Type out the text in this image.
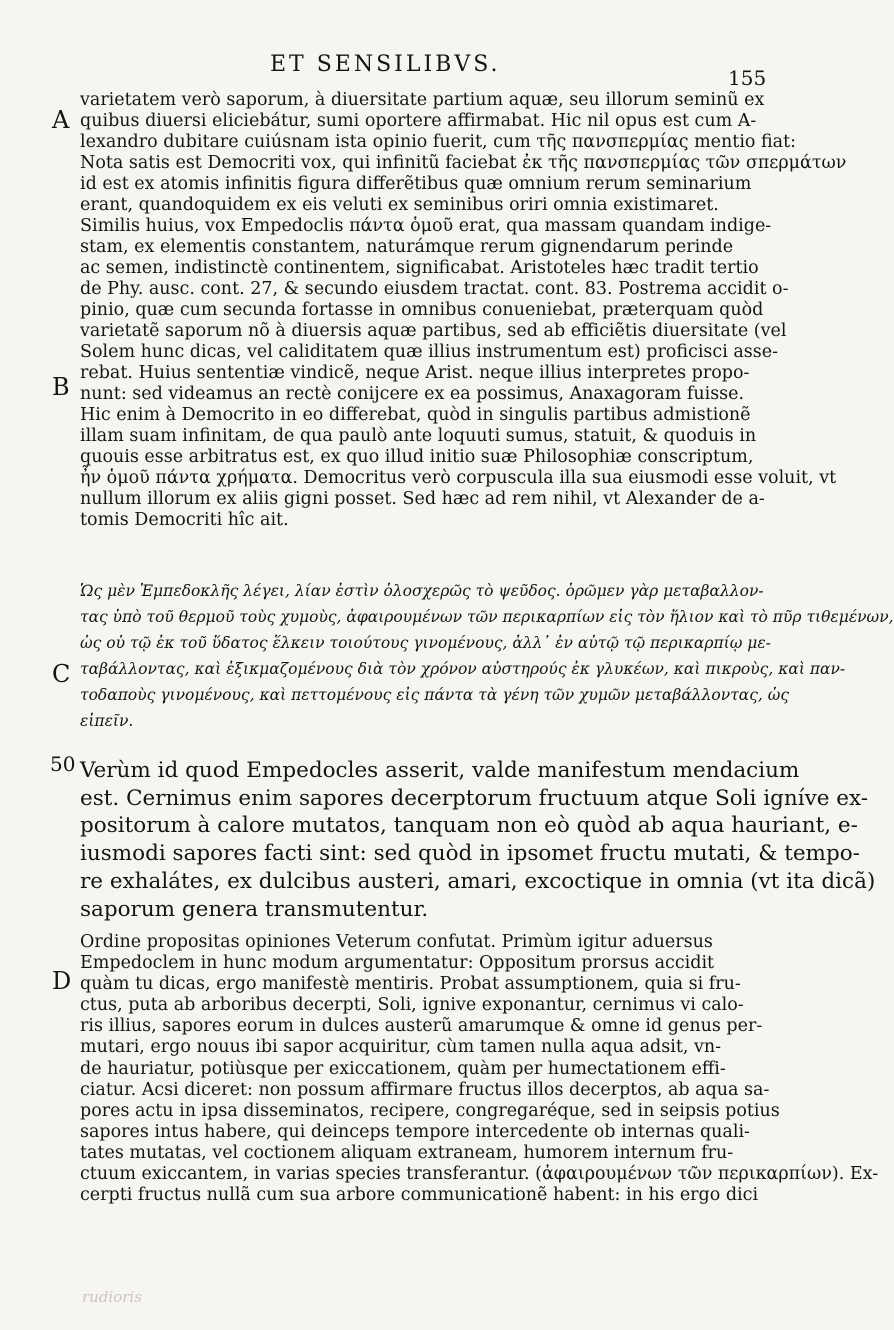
ET SENSILIBVS.
155
A
B
C
D
50
varietatem verò saporum, à diuersitate partium aquæ, seu illorum seminũ ex
quibus diuersi eliciebátur, sumi oportere affirmabat. Hic nil opus est cum A-
lexandro dubitare cuiúsnam ista opinio fuerit, cum τῆς πανσπερμίας mentio fiat:
Nota satis est Democriti vox, qui infinitũ faciebat ἐκ τῆς πανσπερμίας τῶν σπερμάτων
id est ex atomis infinitis figura differẽtibus quæ omnium rerum seminarium
erant, quandoquidem ex eis veluti ex seminibus oriri omnia existimaret.
Similis huius, vox Empedoclis πάντα ὁμοῦ erat, qua massam quandam indige-
stam, ex elementis constantem, naturámque rerum gignendarum perinde
ac semen, indistinctè continentem, significabat. Aristoteles hæc tradit tertio
de Phy. ausc. cont. 27, & secundo eiusdem tractat. cont. 83. Postrema accidit o-
pinio, quæ cum secunda fortasse in omnibus conueniebat, præterquam quòd
varietatẽ saporum nõ à diuersis aquæ partibus, sed ab efficiẽtis diuersitate (vel
Solem hunc dicas, vel caliditatem quæ illius instrumentum est) proficisci asse-
rebat. Huius sententiæ vindicẽ, neque Arist. neque illius interpretes propo-
nunt: sed videamus an rectè conijcere ex ea possimus, Anaxagoram fuisse.
Hic enim à Democrito in eo differebat, quòd in singulis partibus admistionẽ
illam suam infinitam, de qua paulò ante loquuti sumus, statuit, & quoduis in
quouis esse arbitratus est, ex quo illud initio suæ Philosophiæ conscriptum,
ἦν ὁμοῦ πάντα χρήματα. Democritus verò corpuscula illa sua eiusmodi esse voluit, vt
nullum illorum ex aliis gigni posset. Sed hæc ad rem nihil, vt Alexander de a-
tomis Democriti hîc ait.
Ὡς μὲν Ἐμπεδοκλῆς λέγει, λίαν ἐστὶν ὁλοσχερῶς τὸ ψεῦδος. ὁρῶμεν γὰρ μεταβαλλον-
τας ὑπὸ τοῦ θερμοῦ τοὺς χυμοὺς, ἀφαιρουμένων τῶν περικαρπίων εἰς τὸν ἥλιον καὶ τὸ πῦρ τιθεμένων,
ὡς οὐ τῷ ἐκ τοῦ ὕδατος ἕλκειν τοιούτους γινομένους, ἀλλ᾽ ἐν αὐτῷ τῷ περικαρπίῳ με-
ταβάλλοντας, καὶ ἐξικμαζομένους διὰ τὸν χρόνον αὐστηρούς ἐκ γλυκέων, καὶ πικροὺς, καὶ παν-
τοδαποὺς γινομένους, καὶ πεττομένους εἰς πάντα τὰ γένη τῶν χυμῶν μεταβάλλοντας, ὡς
εἰπεῖν.
Verùm id quod Empedocles asserit, valde manifestum mendacium
est. Cernimus enim sapores decerptorum fructuum atque Soli igníve ex-
positorum à calore mutatos, tanquam non eò quòd ab aqua hauriant, e-
iusmodi sapores facti sint: sed quòd in ipsomet fructu mutati, & tempo-
re exhalátes, ex dulcibus austeri, amari, excoctique in omnia (vt ita dicã)
saporum genera transmutentur.
Ordine propositas opiniones Veterum confutat. Primùm igitur aduersus
Empedoclem in hunc modum argumentatur: Oppositum prorsus accidit
quàm tu dicas, ergo manifestè mentiris. Probat assumptionem, quia si fru-
ctus, puta ab arboribus decerpti, Soli, ignive exponantur, cernimus vi calo-
ris illius, sapores eorum in dulces austerũ amarumque & omne id genus per-
mutari, ergo nouus ibi sapor acquiritur, cùm tamen nulla aqua adsit, vn-
de hauriatur, potiùsque per exiccationem, quàm per humectationem effi-
ciatur. Acsi diceret: non possum affirmare fructus illos decerptos, ab aqua sa-
pores actu in ipsa disseminatos, recipere, congregaréque, sed in seipsis potius
sapores intus habere, qui deinceps tempore intercedente ob internas quali-
tates mutatas, vel coctionem aliquam extraneam, humorem internum fru-
ctuum exiccantem, in varias species transferantur. (ἀφαιρουμένων τῶν περικαρπίων). Ex-
cerpti fructus nullã cum sua arbore communicationẽ habent: in his ergo dici
rudioris
